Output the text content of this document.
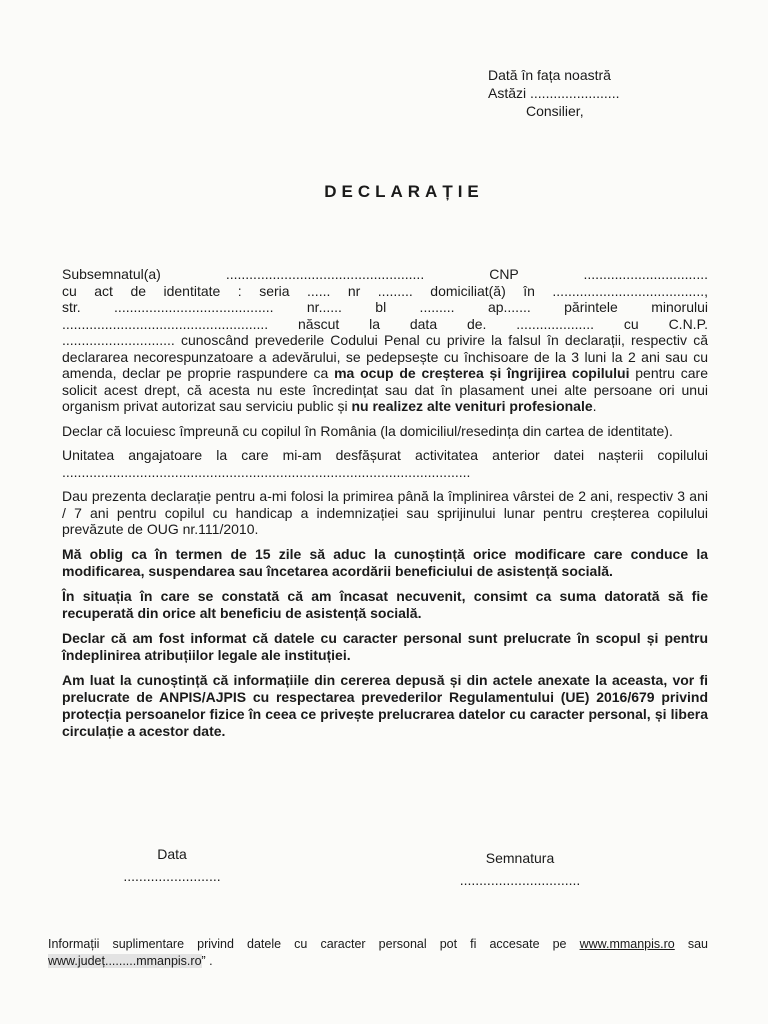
Dată în fața noastră
Astăzi .......................
Consilier,
DECLARAȚIE
Subsemnatul(a) ................................................... CNP ................................
cu act de identitate : seria ...... nr ......... domiciliat(ă) în .......................................,
str. ......................................... nr...... bl ......... ap....... părintele minorului
..................................................... născut la data de. .................... cu C.N.P.

............................. cunoscând prevederile Codului Penal cu privire la falsul în declarații, respectiv că declararea necorespunzatoare a adevărului, se pedepsește cu închisoare de la 3 luni la 2 ani sau cu amenda, declar pe proprie raspundere ca ma ocup de creșterea și îngrijirea copilului pentru care solicit acest drept, că acesta nu este încredințat sau dat în plasament unei alte persoane ori unui organism privat autorizat sau serviciu public și nu realizez alte venituri profesionale.

Declar că locuiesc împreună cu copilul în România (la domiciliul/resedința din cartea de identitate).

Unitatea angajatoare la care mi-am desfășurat activitatea anterior datei nașterii copilului .........................................................................................................

Dau prezenta declarație pentru a-mi folosi la primirea până la împlinirea vârstei de 2 ani, respectiv 3 ani / 7 ani pentru copilul cu handicap a indemnizației sau sprijinului lunar pentru creșterea copilului prevăzute de OUG nr.111/2010.

Mă oblig ca în termen de 15 zile să aduc la cunoștință orice modificare care conduce la modificarea, suspendarea sau încetarea acordării beneficiului de asistență socială.

În situația în care se constată că am încasat necuvenit, consimt ca suma datorată să fie recuperată din orice alt beneficiu de asistență socială.

Declar că am fost informat că datele cu caracter personal sunt prelucrate în scopul și pentru îndeplinirea atribuțiilor legale ale instituției.

Am luat la cunoștință că informațiile din cererea depusă și din actele anexate la aceasta, vor fi prelucrate de ANPIS/AJPIS cu respectarea prevederilor Regulamentului (UE) 2016/679 privind protecția persoanelor fizice în ceea ce privește prelucrarea datelor cu caracter personal, și libera circulație a acestor date.

Data
.........................
Semnatura
...............................
Informații suplimentare privind datele cu caracter personal pot fi accesate pe www.mmanpis.ro sau www.județ.........mmanpis.ro” .
